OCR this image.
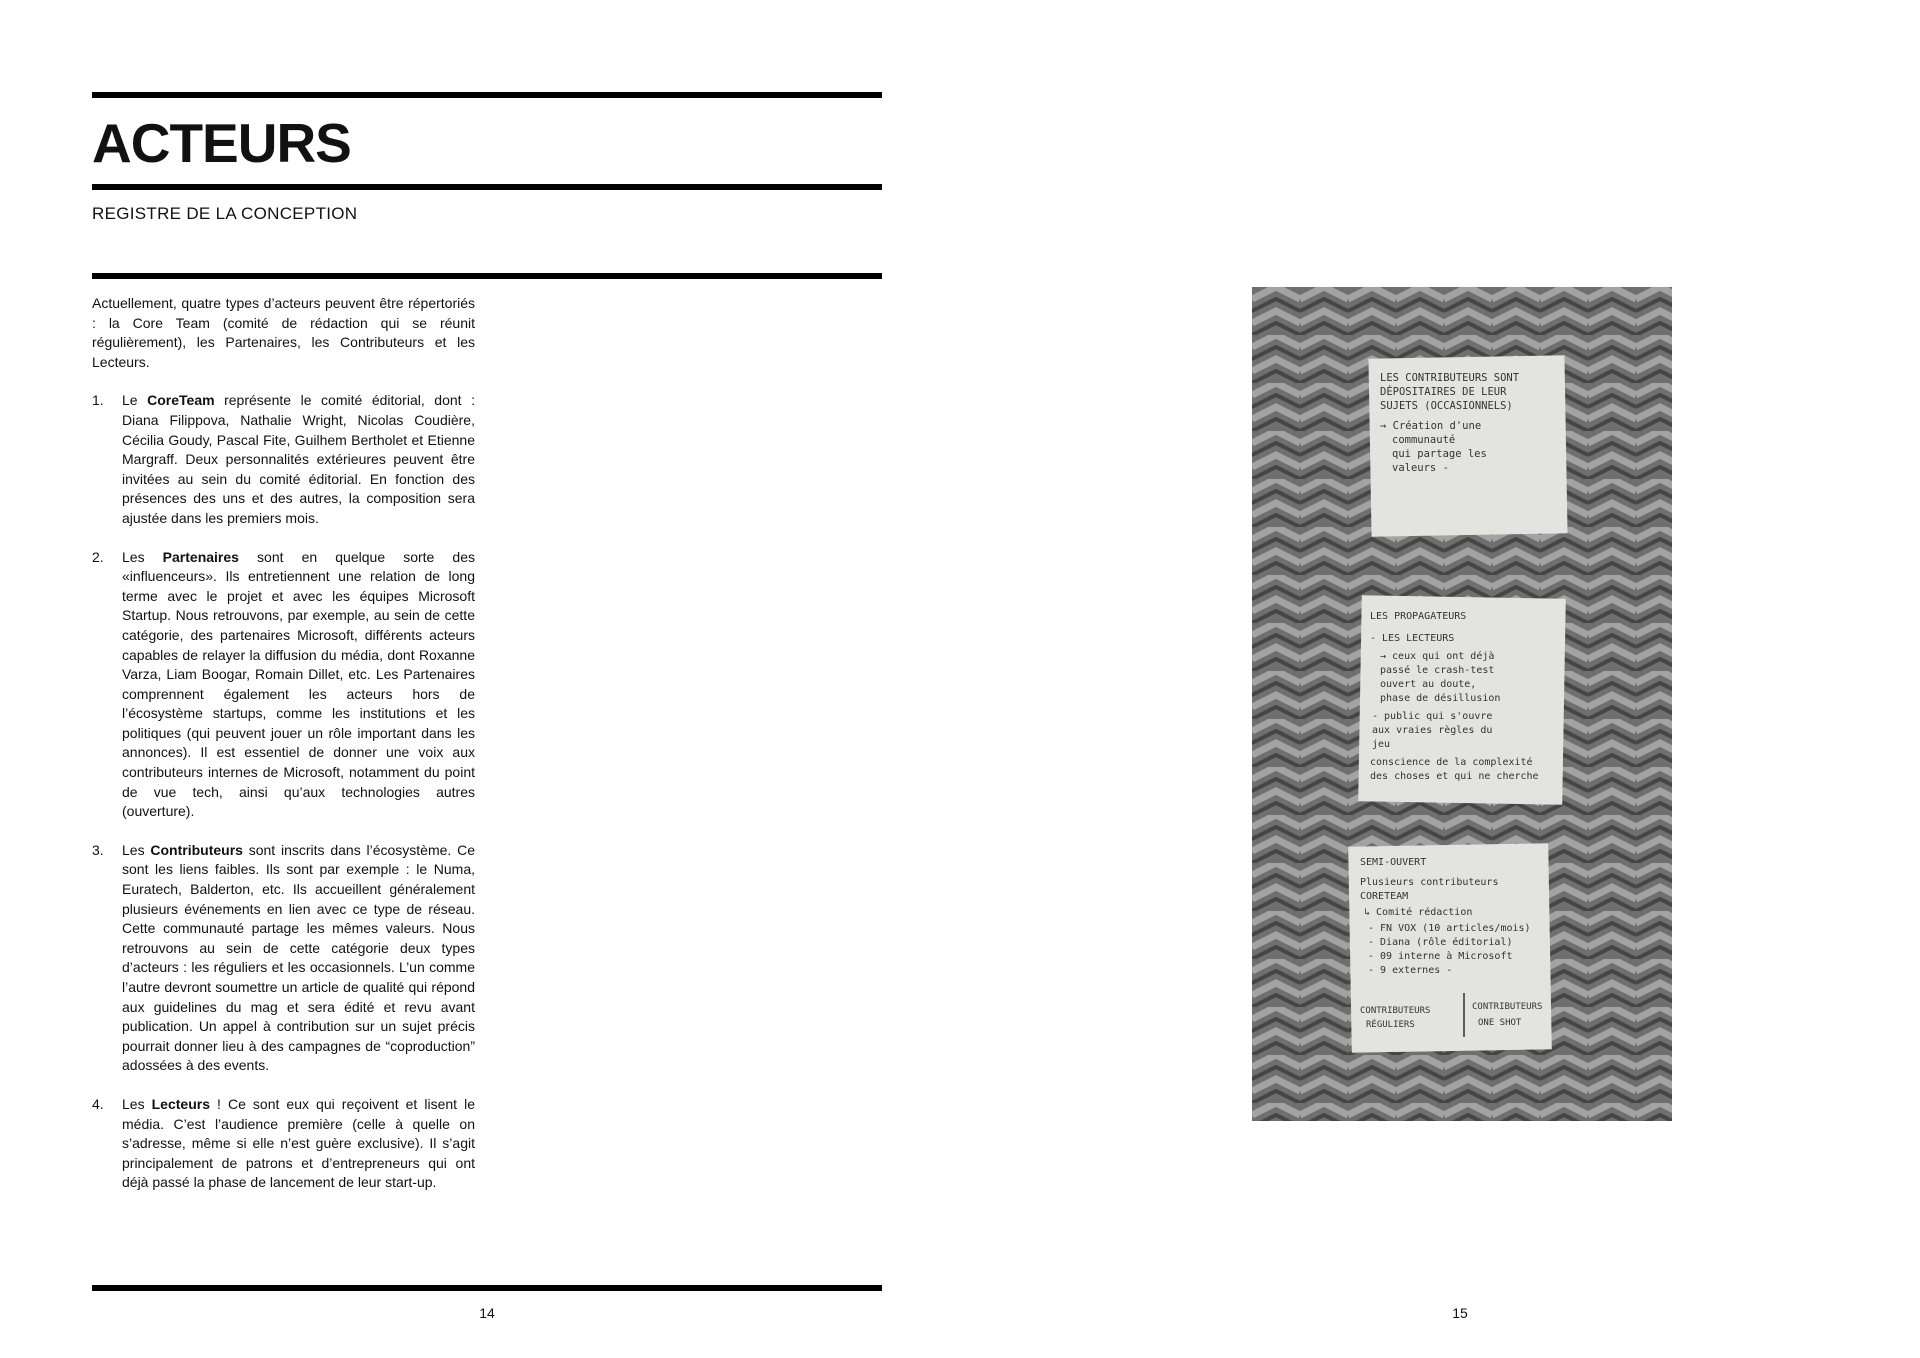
ACTEURS
REGISTRE DE LA CONCEPTION

Actuellement, quatre types d’acteurs peuvent être répertoriés : la Core Team (comité de rédaction qui se réunit régulièrement), les Partenaires, les Contributeurs et les Lecteurs.

1.	Le CoreTeam représente le comité éditorial, dont : Diana Filippova, Nathalie Wright, Nicolas Coudière, Cécilia Goudy, Pascal Fite, Guilhem Bertholet et Etienne Margraff. Deux personnalités extérieures peuvent être invitées au sein du comité éditorial. En fonction des présences des uns et des autres, la composition sera ajustée dans les premiers mois.
2.	Les Partenaires sont en quelque sorte des «influenceurs». Ils entretiennent une relation de long terme avec le projet et avec les équipes Microsoft Startup. Nous retrouvons, par exemple, au sein de cette catégorie, des partenaires Microsoft, différents acteurs capables de relayer la diffusion du média, dont Roxanne Varza, Liam Boogar, Romain Dillet, etc. Les Partenaires comprennent également les acteurs hors de l’écosystème startups, comme les institutions et les politiques (qui peuvent jouer un rôle important dans les annonces). Il est essentiel de donner une voix aux contributeurs internes de Microsoft, notamment du point de vue tech, ainsi qu’aux technologies autres (ouverture).
3.	Les Contributeurs sont inscrits dans l’écosystème. Ce sont les liens faibles. Ils sont par exemple : le Numa, Euratech, Balderton, etc. Ils accueillent généralement plusieurs événements en lien avec ce type de réseau. Cette communauté partage les mêmes valeurs. Nous retrouvons au sein de cette catégorie deux types d’acteurs : les réguliers et les occasionnels. L’un comme l’autre devront soumettre un article de qualité qui répond aux guidelines du mag et sera édité et revu avant publication. Un appel à contribution sur un sujet précis pourrait donner lieu à des campagnes de “coproduction” adossées à des events.
4.	Les Lecteurs ! Ce sont eux qui reçoivent et lisent le média. C’est l’audience première (celle à quelle on s’adresse, même si elle n’est guère exclusive). Il s’agit principalement de patrons et d’entrepreneurs qui ont déjà passé la phase de lancement de leur start-up.
14	15
LES CONTRIBUTEURS SONT DÉPOSITAIRES DE LEUR SUJETS (OCCASIONNELS) → Création d'une communauté qui partage les valeurs -
LES PROPAGATEURS - LES LECTEURS → ceux qui ont déjà passé le crash-test ouvert au doute, phase de désillusion - public qui s'ouvre aux vraies règles du jeu conscience de la complexité des choses et qui ne cherche
SEMI-OUVERT Plusieurs contributeurs CORETEAM ↳ Comité rédaction - FN VOX (10 articles/mois) - Diana (rôle éditorial) - 09 interne à Microsoft - 9 externes -
CONTRIBUTEURS RÉGULIERS CONTRIBUTEURS ONE SHOT
